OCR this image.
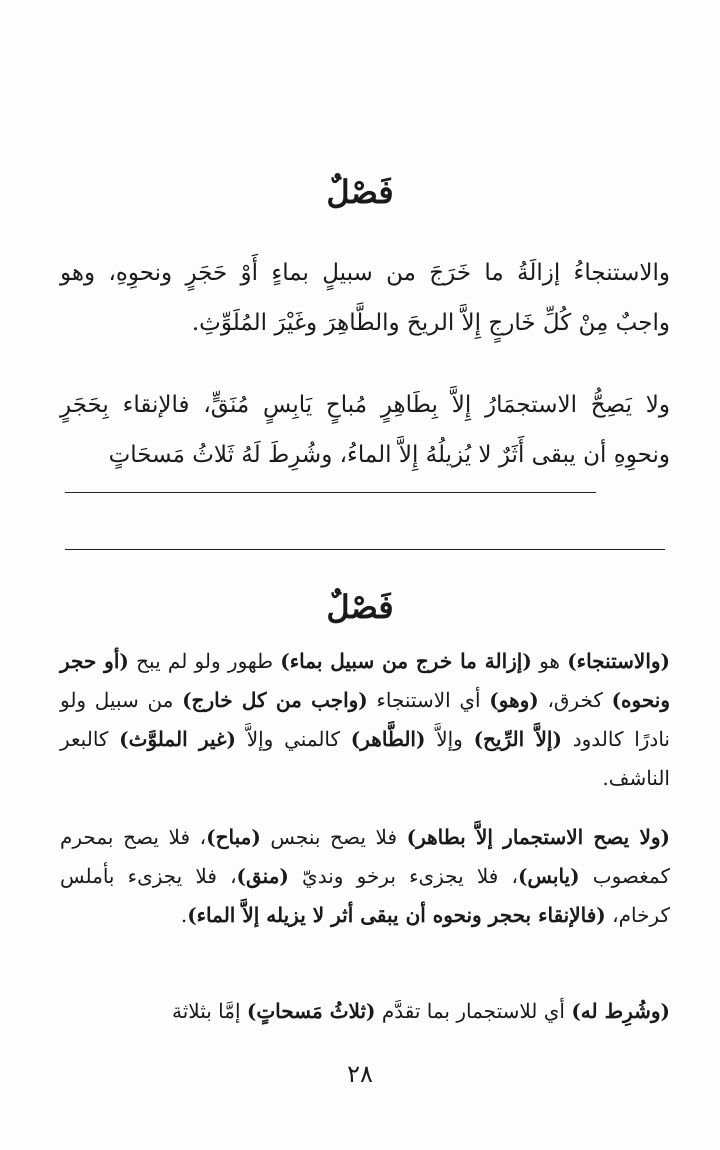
فَصْلٌ

والاستنجاءُ إزالَةُ ما خَرَجَ من سبيلٍ بماءٍ أَوْ حَجَرٍ ونحوِهِ، وهو واجبٌ مِنْ كُلِّ خَارجٍ إِلاَّ الريحَ والطَّاهِرَ وغَيْرَ المُلَوِّثِ.

ولا يَصِحُّ الاستجمَارُ إِلاَّ بِطَاهِرٍ مُباحٍ يَابِسٍ مُنَقٍّ، فالإنقاء بِحَجَرٍ ونحوِهِ أن يبقى أَثَرٌ لا يُزيلُهُ إِلاَّ الماءُ، وشُرِطَ لَهُ ثَلاثُ مَسحَاتٍ

فَصْلٌ

(والاستنجاء) هو (إزالة ما خرج من سبيل بماء) طهور ولو لم يبح (أو حجر ونحوه) كخرق، (وهو) أي الاستنجاء (واجب من كل خارج) من سبيل ولو نادرًا كالدود (إلاَّ الرِّيح) وإلاَّ (الطَّاهر) كالمني وإلاَّ (غير الملوَّث) كالبعر الناشف.

(ولا يصح الاستجمار إلاَّ بطاهر) فلا يصح بنجس (مباح)، فلا يصح بمحرم كمغصوب (يابس)، فلا يجزىء برخو ونديّ (منق)، فلا يجزىء بأملس كرخام، (فالإنقاء بحجر ونحوه أن يبقى أثر لا يزيله إلاَّ الماء).

(وشُرِط له) أي للاستجمار بما تقدَّم (ثلاثُ مَسحاتٍ) إمَّا بثلاثة

٢٨
